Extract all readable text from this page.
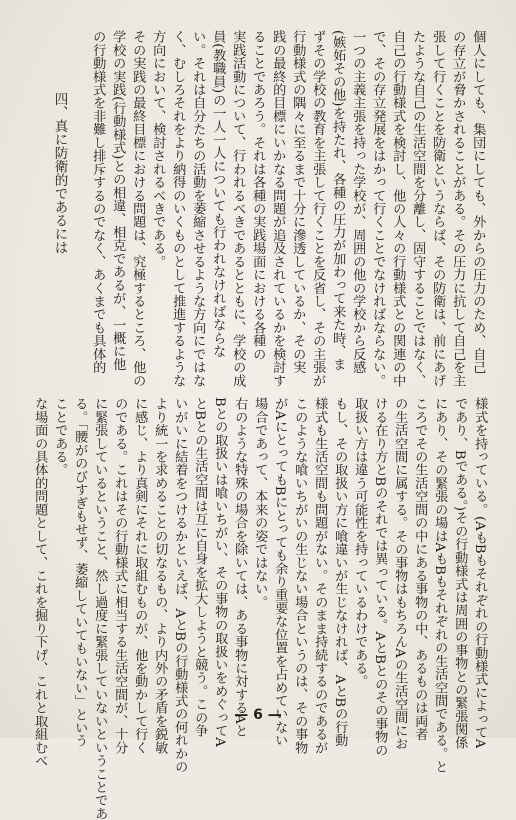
個人にしても、集団にしても、外からの圧力のため、自己
の存立が脅かされることがある。その圧力に抗して自己を主
張して行くことを防衛というならば、その防衛は、前にあげ
たような自己の生活空間を分離し、固守することではなく、
自己の行動様式を検討し、他の人々の行動様式との関連の中
で、その存立発展をはかって行くことでなければならない。
一つの主義主張を持った学校が、周囲の他の学校から反感
(嫉妬その他)を持たれ、各種の圧力が加わって来た時、ま
ずその学校の教育を主張して行くことを反省し、その主張が
行動様式の隅々に至るまで十分に滲透しているか、その実
践の最終的目標にいかなる問題が追及されているかを検討す
ることであろう。それは各種の実践場面における各種の
実践活動について、行われるべきであるとともに、学校の成
員(教職員)の一人一人についても行われなければならな
い。それは自分たちの活動を萎縮させるような方向にではな
く、むしろそれをより納得のいくものとして推進するような
方向において、検討されるべきである。
その実践の最終目標における問題は、究極するところ、他の
学校の実践(行動様式)との相違、相克であるが、一概に他
の行動様式を非難し排斥するのでなく、あくまでも具体的
四、真に防衛的であるには
様式を持っている。(AもBもそれぞれの行動様式によってA
であり、Bである。)その行動様式は周囲の事物との緊張関係
にあり、その緊張の場はAもBもそれぞれの生活空間である。と
ころでその生活空間の中にある事物の中、あるものは両者
の生活空間に属する。その事物はもちろんAの生活空間にお
ける在り方とBのそれでは異っている。AとBとのその事物の
取扱い方は違う可能性を持っているわけである。
もし、その取扱い方に喰違いが生じなければ、AとBの行動
様式も生活空間も問題がない。そのまま持続するのであるが
このような喰いちがいの生じない場合というのは、その事物
がAにとってもBにとっても余り重要な位置を占めていない
場合であって、本来の姿ではない。
右のような特殊の場合を除いては、ある事物に対するAと
Bとの取扱いは喰いちがい、その事物の取扱いをめぐってA
とBとの生活空間は互に自身を拡大しようと競う。この争
いがいに結着をつけるかといえば、AとBの行動様式の何れかの
より統一を求めることの切なるもの、より内外の矛盾を鋭敏
に感じ、より真剣にそれに取組むものが、他を動かして行く
のである。これはその行動様式に相当する生活空間が、十分
に緊張しているということ、然し過度に緊張していないということであ
る。「腰がのびすぎもせず、萎縮していてもいない」という
ことである。
な場面の具体的問題として、これを掘り下げ、これと取組むべ	— 6 —
